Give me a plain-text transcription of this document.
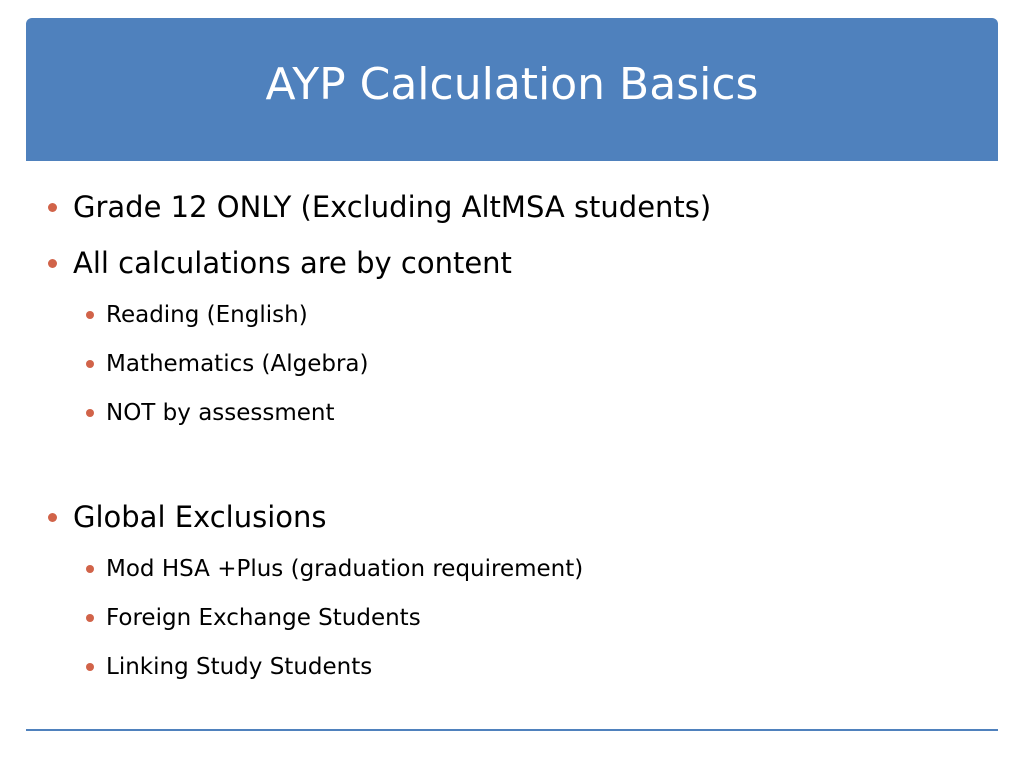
AYP Calculation Basics
Grade 12 ONLY (Excluding AltMSA students)
All calculations are by content
Reading (English)
Mathematics (Algebra)
NOT by assessment
Global Exclusions
Mod HSA +Plus (graduation requirement)
Foreign Exchange Students
Linking Study Students
